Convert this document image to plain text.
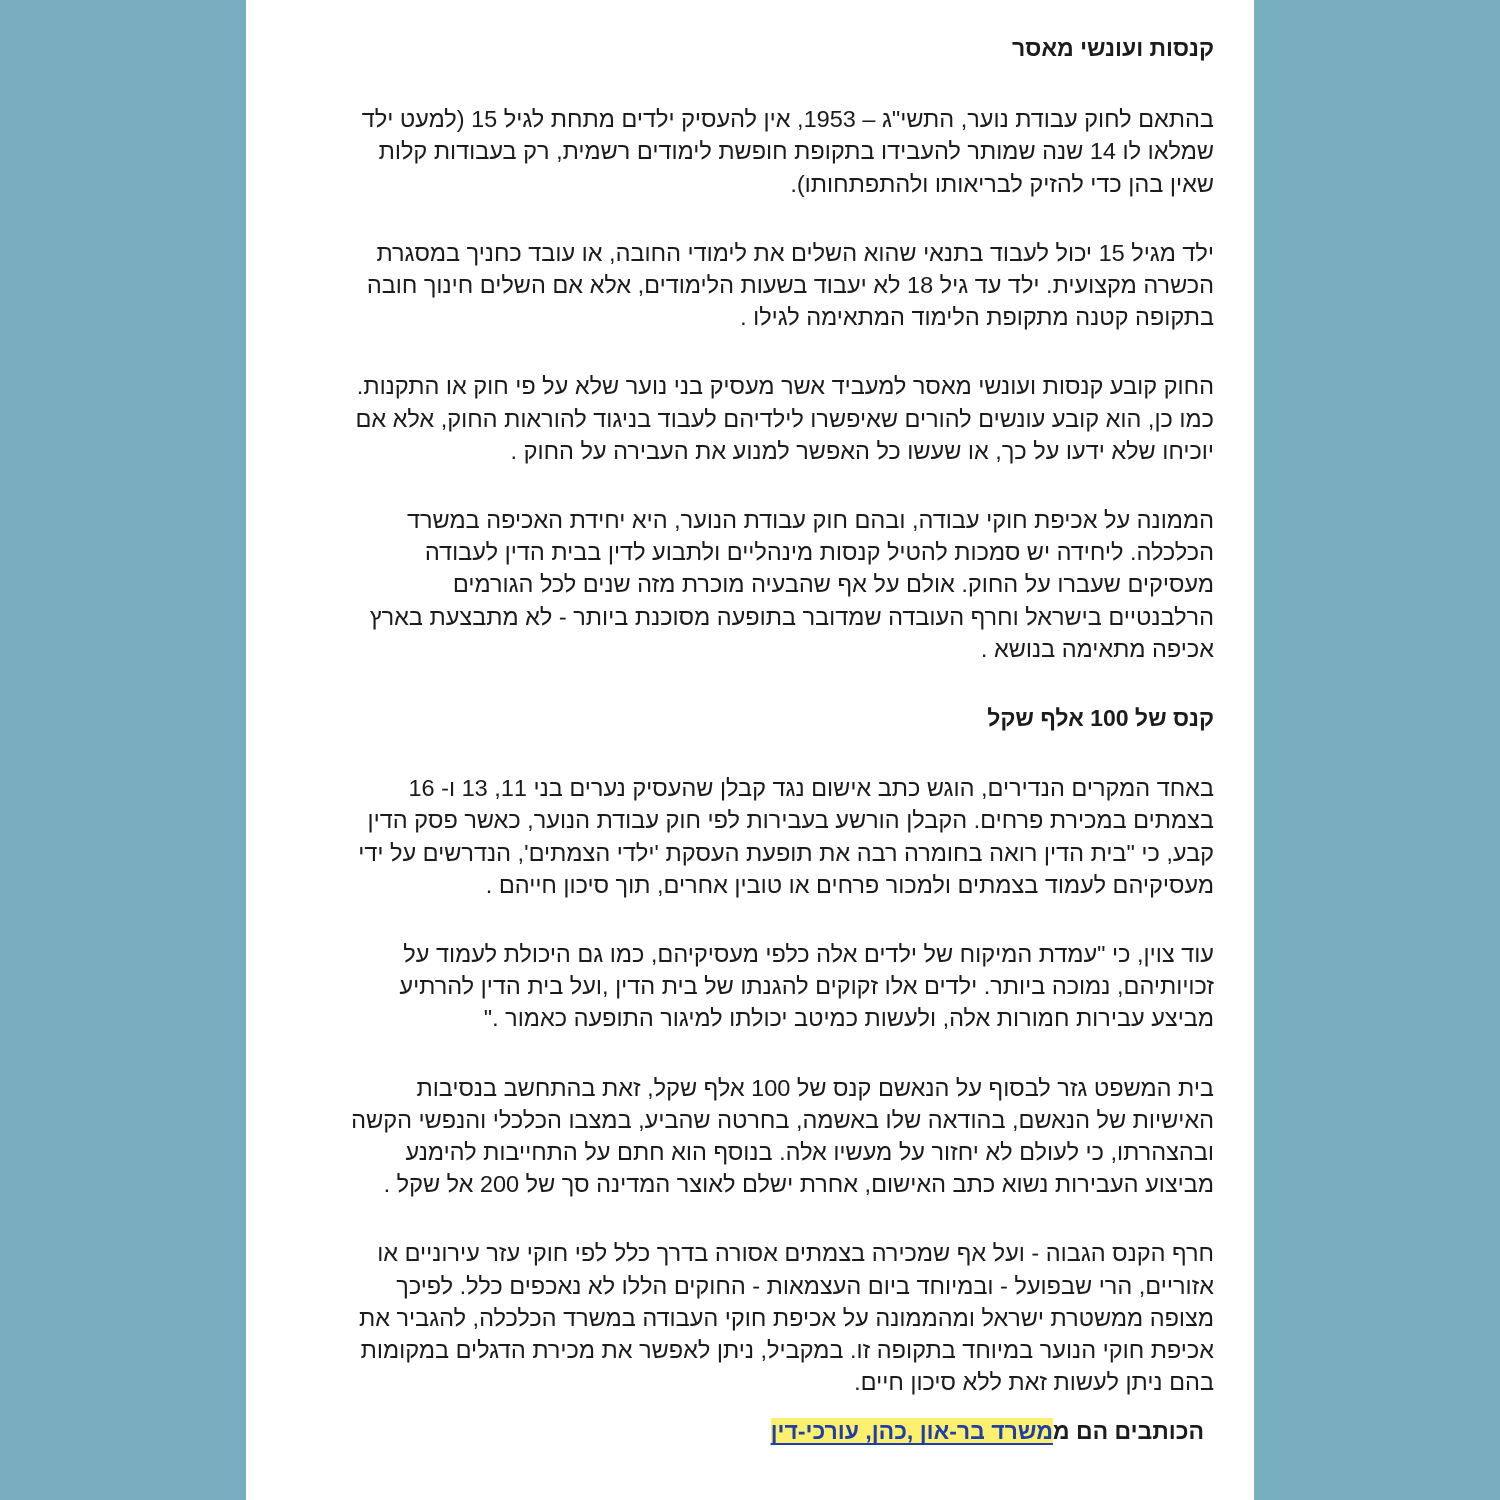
קנסות ועונשי מאסר

בהתאם לחוק עבודת נוער, התשי"ג – 1953, אין להעסיק ילדים מתחת לגיל 15 (למעט ילד
שמלאו לו 14 שנה שמותר להעבידו בתקופת חופשת לימודים רשמית, רק בעבודות קלות
שאין בהן כדי להזיק לבריאותו ולהתפתחותו).

ילד מגיל 15 יכול לעבוד בתנאי שהוא השלים את לימודי החובה, או עובד כחניך במסגרת
הכשרה מקצועית. ילד עד גיל 18 לא יעבוד בשעות הלימודים, אלא אם השלים חינוך חובה
בתקופה קטנה מתקופת הלימוד המתאימה לגילו .

החוק קובע קנסות ועונשי מאסר למעביד אשר מעסיק בני נוער שלא על פי חוק או התקנות.
כמו כן, הוא קובע עונשים להורים שאיפשרו לילדיהם לעבוד בניגוד להוראות החוק, אלא אם
יוכיחו שלא ידעו על כך, או שעשו כל האפשר למנוע את העבירה על החוק .

הממונה על אכיפת חוקי עבודה, ובהם חוק עבודת הנוער, היא יחידת האכיפה במשרד
הכלכלה. ליחידה יש סמכות להטיל קנסות מינהליים ולתבוע לדין בבית הדין לעבודה
מעסיקים שעברו על החוק. אולם על אף שהבעיה מוכרת מזה שנים לכל הגורמים
הרלבנטיים בישראל וחרף העובדה שמדובר בתופעה מסוכנת ביותר - לא מתבצעת בארץ
אכיפה מתאימה בנושא .

קנס של 100 אלף שקל

באחד המקרים הנדירים, הוגש כתב אישום נגד קבלן שהעסיק נערים בני 11, 13 ו- 16
בצמתים במכירת פרחים. הקבלן הורשע בעבירות לפי חוק עבודת הנוער, כאשר פסק הדין
קבע, כי "בית הדין רואה בחומרה רבה את תופעת העסקת 'ילדי הצמתים', הנדרשים על ידי
מעסיקיהם לעמוד בצמתים ולמכור פרחים או טובין אחרים, תוך סיכון חייהם .

עוד צוין, כי "עמדת המיקוח של ילדים אלה כלפי מעסיקיהם, כמו גם היכולת לעמוד על
זכויותיהם, נמוכה ביותר. ילדים אלו זקוקים להגנתו של בית הדין ,ועל בית הדין להרתיע
מביצע עבירות חמורות אלה, ולעשות כמיטב יכולתו למיגור התופעה כאמור ."

בית המשפט גזר לבסוף על הנאשם קנס של 100 אלף שקל, זאת בהתחשב בנסיבות
האישיות של הנאשם, בהודאה שלו באשמה, בחרטה שהביע, במצבו הכלכלי והנפשי הקשה
ובהצהרתו, כי לעולם לא יחזור על מעשיו אלה. בנוסף הוא חתם על התחייבות להימנע
מביצוע העבירות נשוא כתב האישום, אחרת ישלם לאוצר המדינה סך של 200 אל שקל .

חרף הקנס הגבוה - ועל אף שמכירה בצמתים אסורה בדרך כלל לפי חוקי עזר עירוניים או
אזוריים, הרי שבפועל - ובמיוחד ביום העצמאות - החוקים הללו לא נאכפים כלל. לפיכך
מצופה ממשטרת ישראל ומהממונה על אכיפת חוקי העבודה במשרד הכלכלה, להגביר את
אכיפת חוקי הנוער במיוחד בתקופה זו. במקביל, ניתן לאפשר את מכירת הדגלים במקומות
בהם ניתן לעשות זאת ללא סיכון חיים.

הכותבים הם ממשרד בר-און ,כהן, עורכי-דין
